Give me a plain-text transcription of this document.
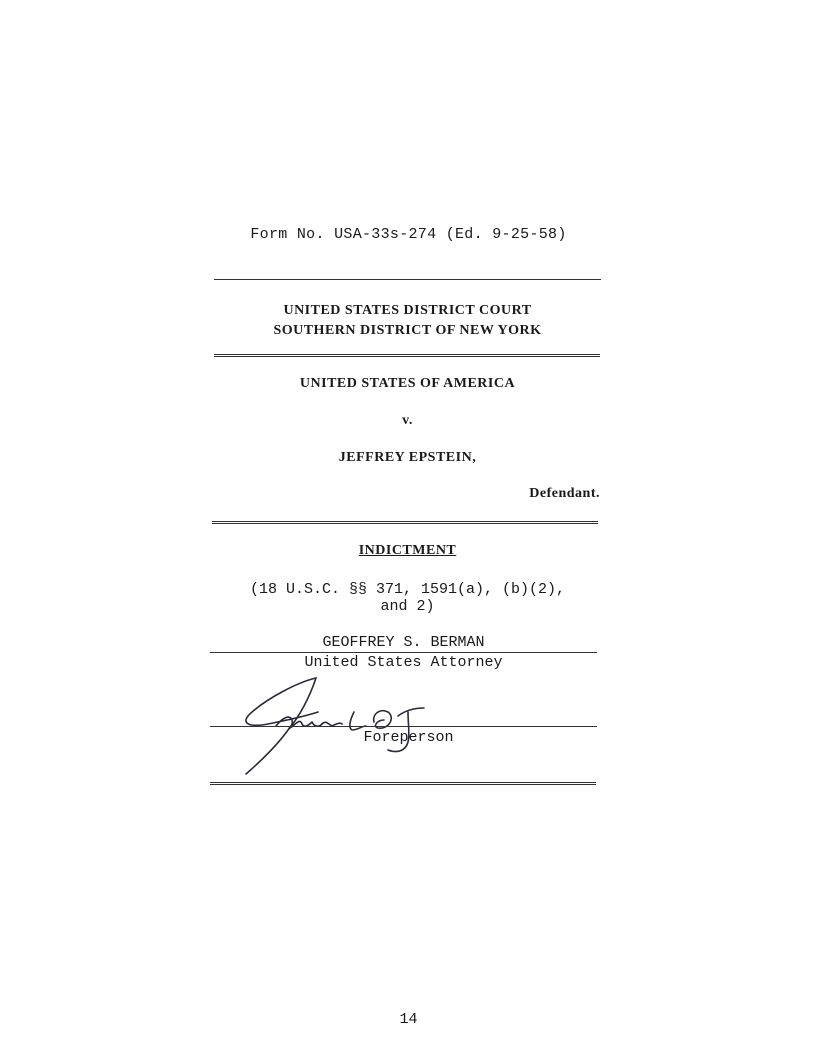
Form No. USA-33s-274 (Ed. 9-25-58)
UNITED STATES DISTRICT COURT
SOUTHERN DISTRICT OF NEW YORK
UNITED STATES OF AMERICA
v.
JEFFREY EPSTEIN,
Defendant.
INDICTMENT
(18 U.S.C. §§ 371, 1591(a), (b)(2),
and 2)
GEOFFREY S. BERMAN
United States Attorney
Foreperson
14
